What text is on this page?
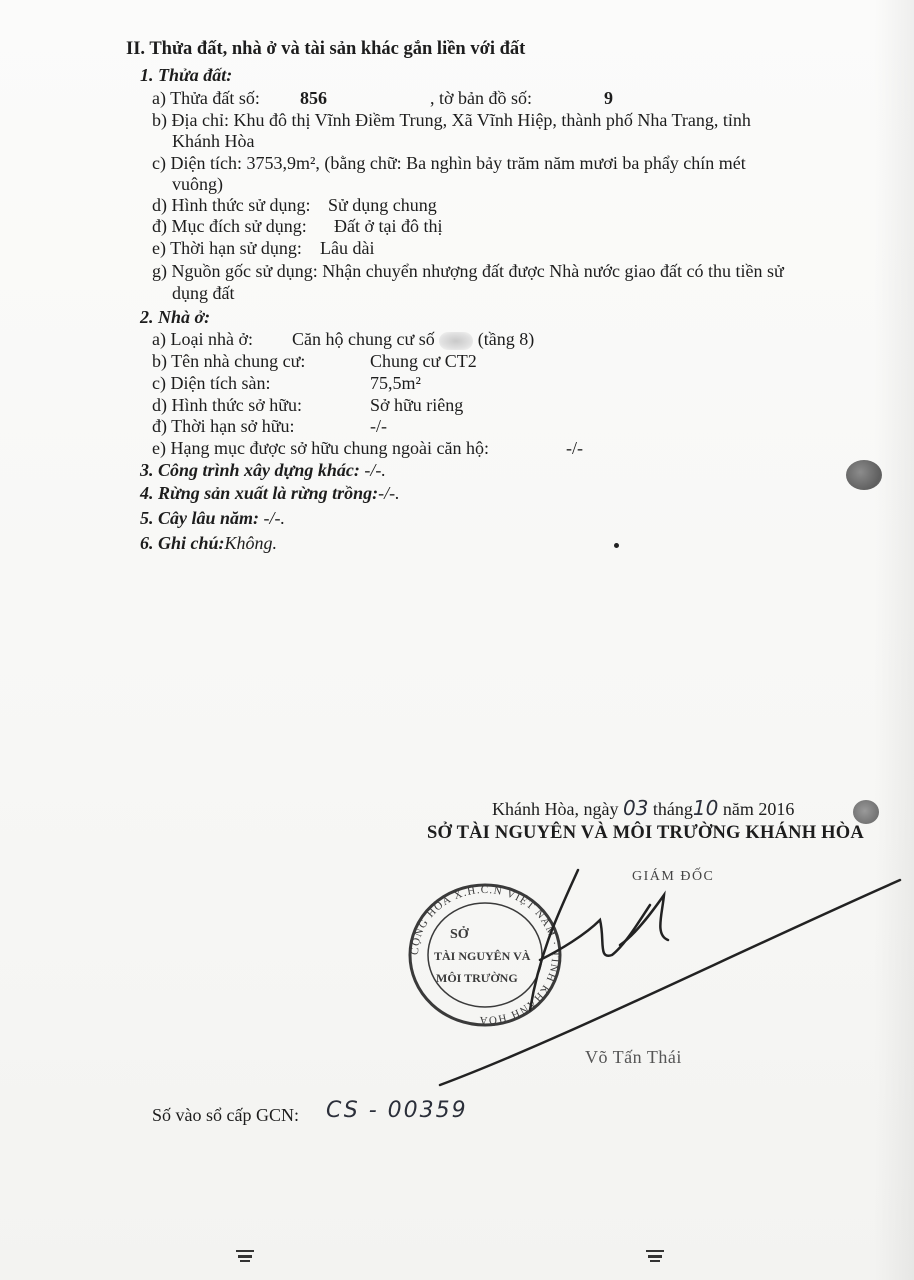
II. Thửa đất, nhà ở và tài sản khác gắn liền với đất
1. Thửa đất:
a) Thửa đất số: 856	, tờ bản đồ số:	9
b) Địa chỉ: Khu đô thị Vĩnh Điềm Trung, Xã Vĩnh Hiệp, thành phố Nha Trang, tỉnh
Khánh Hòa
c) Diện tích: 3753,9m², (bằng chữ: Ba nghìn bảy trăm năm mươi ba phẩy chín mét
vuông)
d) Hình thức sử dụng: Sử dụng chung
đ) Mục đích sử dụng: Đất ở tại đô thị
e) Thời hạn sử dụng: Lâu dài
g) Nguồn gốc sử dụng: Nhận chuyển nhượng đất được Nhà nước giao đất có thu tiền sử
dụng đất
2. Nhà ở:
a) Loại nhà ở: Căn hộ chung cư số (tầng 8)
b) Tên nhà chung cư:	Chung cư CT2
c) Diện tích sàn:	75,5m²
d) Hình thức sở hữu:	Sở hữu riêng
đ) Thời hạn sở hữu:	-/-
e) Hạng mục được sở hữu chung ngoài căn hộ:	-/-
3. Công trình xây dựng khác: -/-.
4. Rừng sản xuất là rừng trồng:-/-.
5. Cây lâu năm: -/-.
6. Ghi chú:Không.
Khánh Hòa, ngày 03 tháng10 năm 2016
SỞ TÀI NGUYÊN VÀ MÔI TRƯỜNG KHÁNH HÒA
GIÁM ĐỐC
CỘNG HÒA X.H.C.N VIỆT NAM · TỈNH KHÁNH HÒA
SỞ
TÀI NGUYÊN VÀ
MÔI TRƯỜNG
Võ Tấn Thái
Số vào sổ cấp GCN: CS - 00359
